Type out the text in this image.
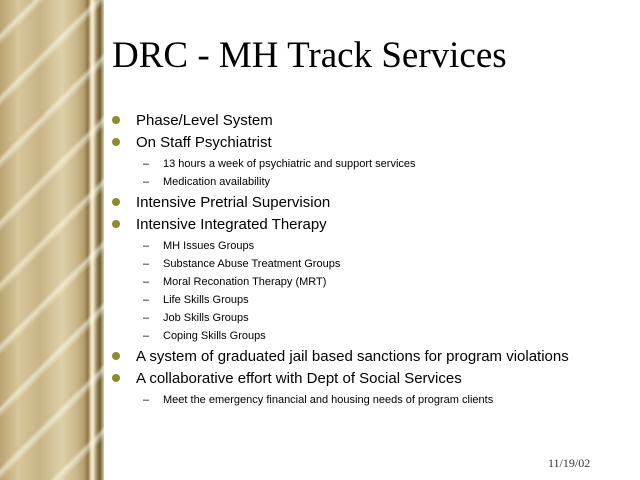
DRC - MH Track Services
Phase/Level System
On Staff Psychiatrist
– 13 hours a week of psychiatric and support services
– Medication availability
Intensive Pretrial Supervision
Intensive Integrated Therapy
– MH Issues Groups
– Substance Abuse Treatment Groups
– Moral Reconation Therapy (MRT)
– Life Skills Groups
– Job Skills Groups
– Coping Skills Groups
A system of graduated jail based sanctions for program violations
A collaborative effort with Dept of Social Services
– Meet the emergency financial and housing needs of program clients
11/19/02
